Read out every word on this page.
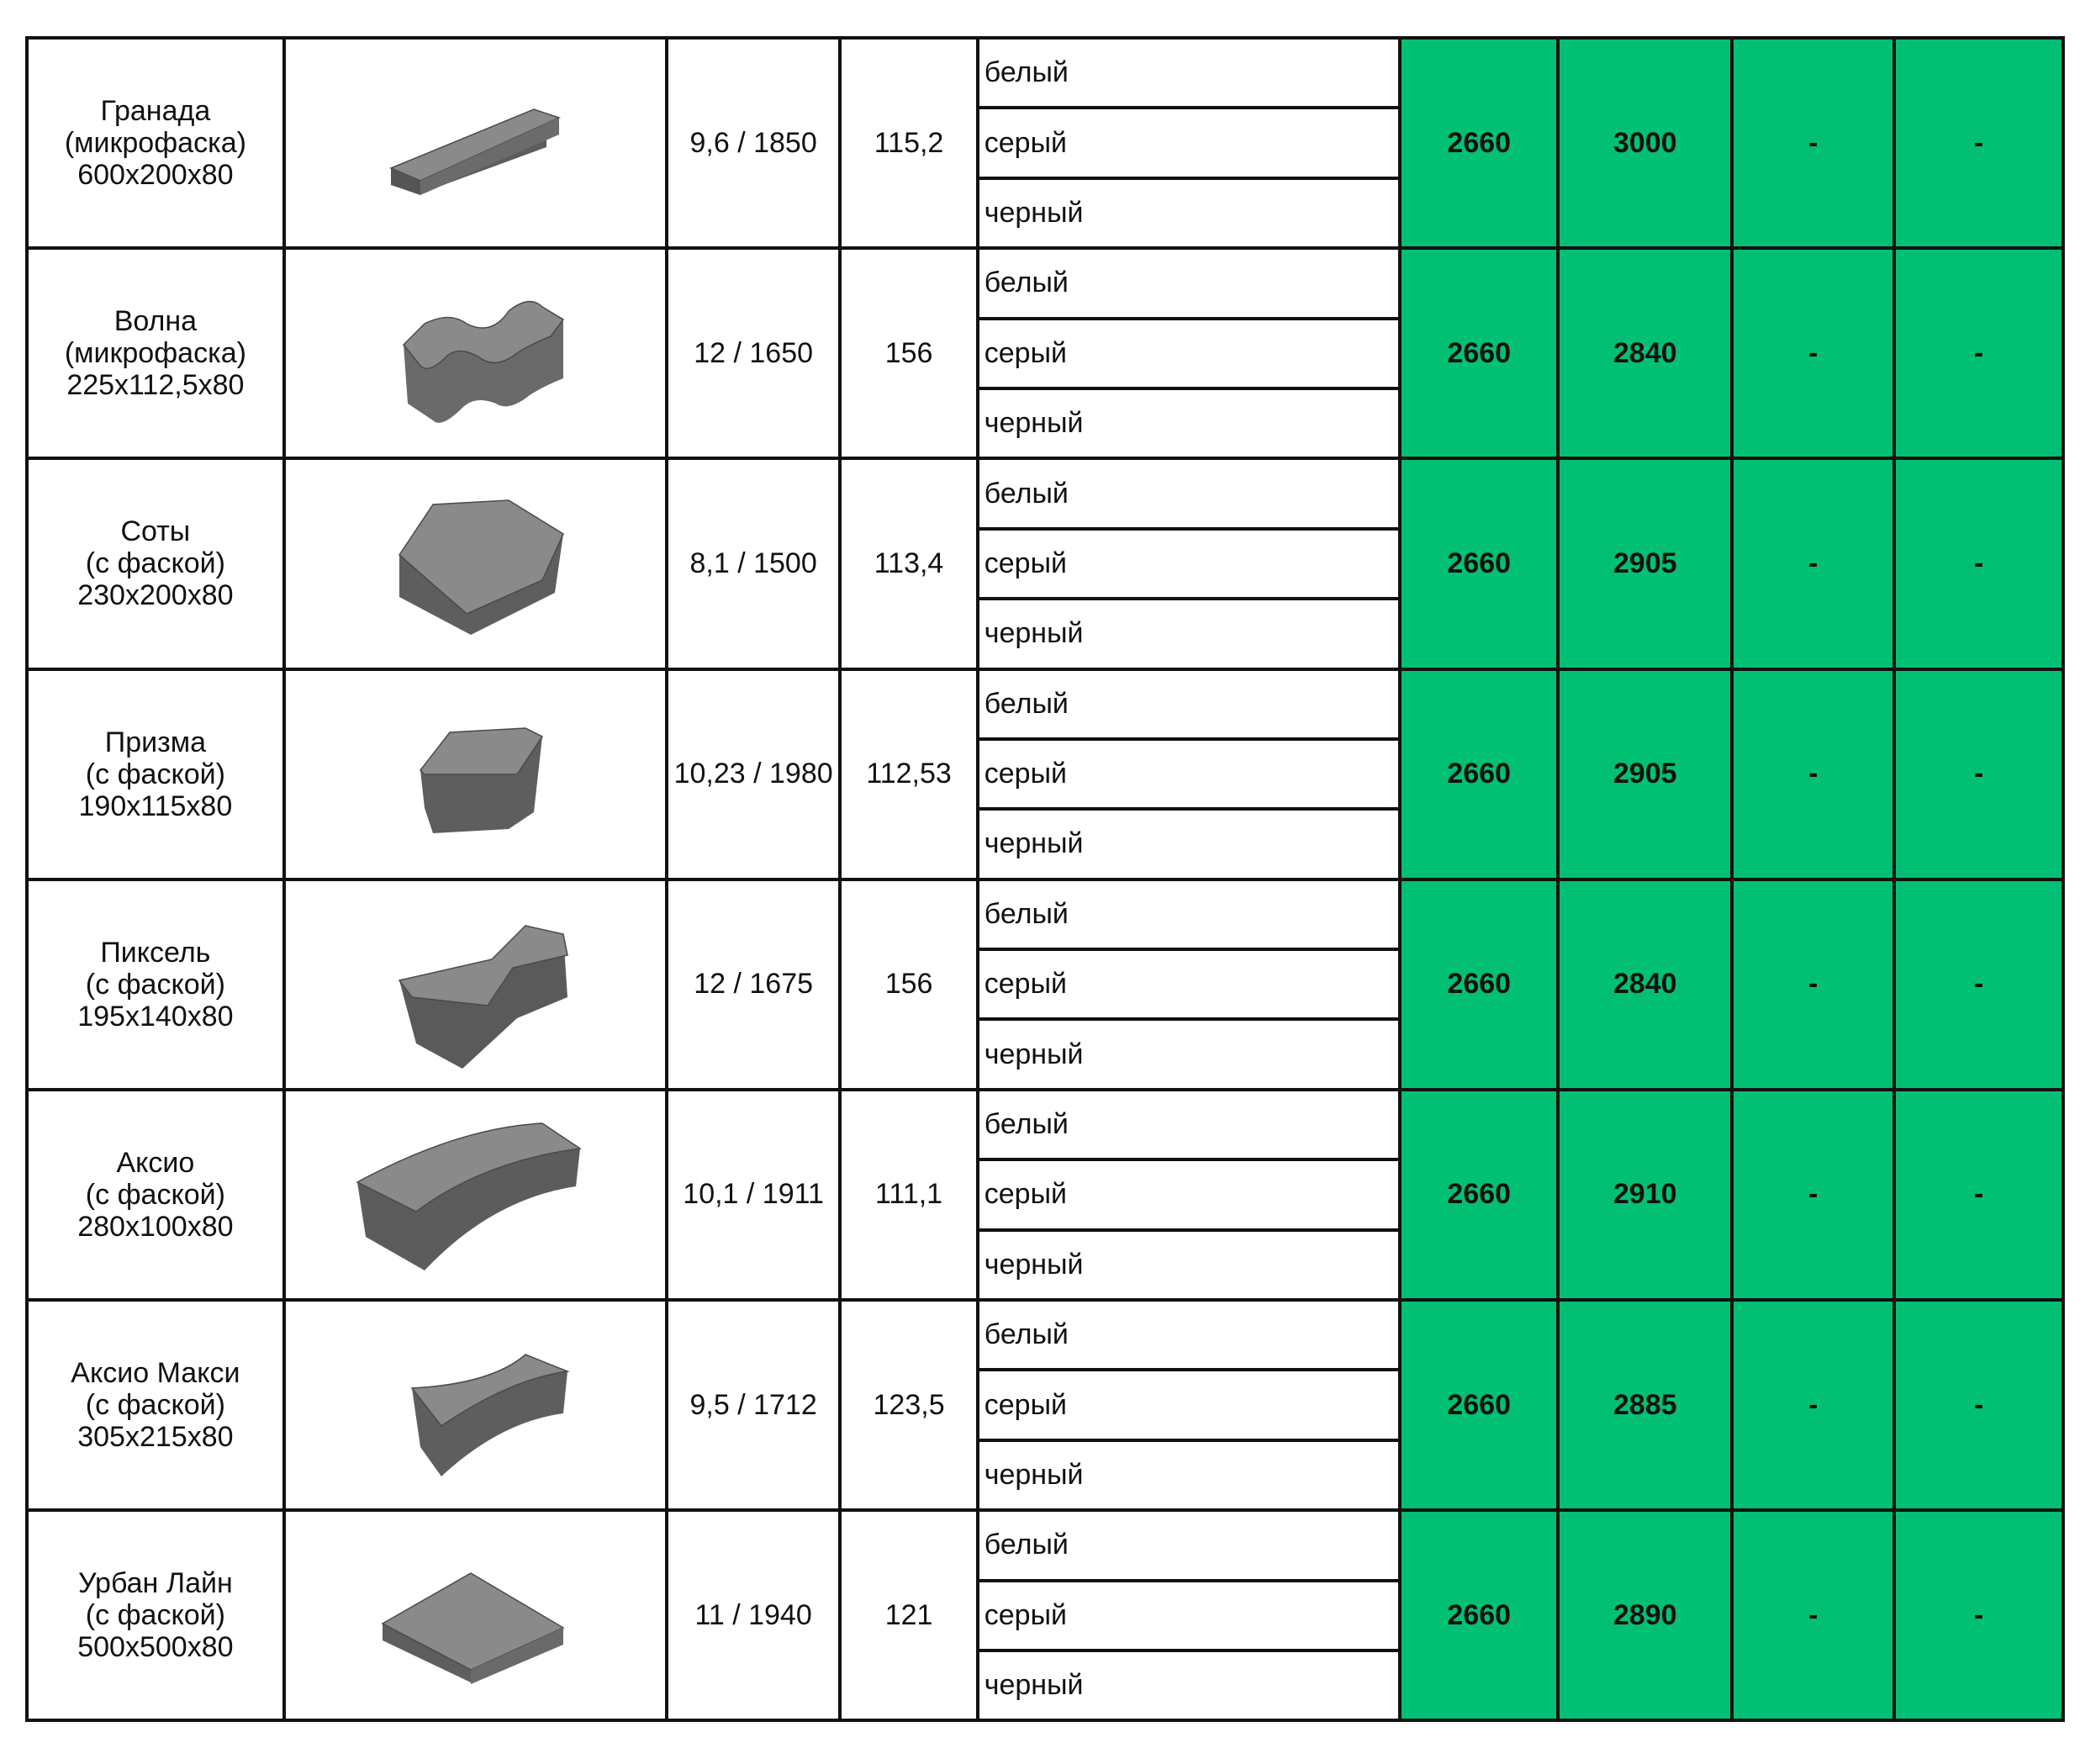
Гранада
(микрофаска)
600x200x80		9,6 / 1850	115,2	белый	2660	3000	-	-
				серый				
				черный				

Волна
(микрофаска)
225x112,5x80		12 / 1650	156	белый	2660	2840	-	-
				серый				
				черный				

Соты
(с фаской)
230x200x80		8,1 / 1500	113,4	белый	2660	2905	-	-
				серый				
				черный				

Призма
(с фаской)
190x115x80		10,23 / 1980	112,53	белый	2660	2905	-	-
				серый				
				черный				

Пиксель
(с фаской)
195x140x80		12 / 1675	156	белый	2660	2840	-	-
				серый				
				черный				

Аксио
(с фаской)
280x100x80		10,1 / 1911	111,1	белый	2660	2910	-	-
				серый				
				черный				

Аксио Макси
(с фаской)
305x215x80		9,5 / 1712	123,5	белый	2660	2885	-	-
				серый				
				черный				

Урбан Лайн
(с фаской)
500x500x80		11 / 1940	121	белый	2660	2890	-	-
				серый				
				черный				
